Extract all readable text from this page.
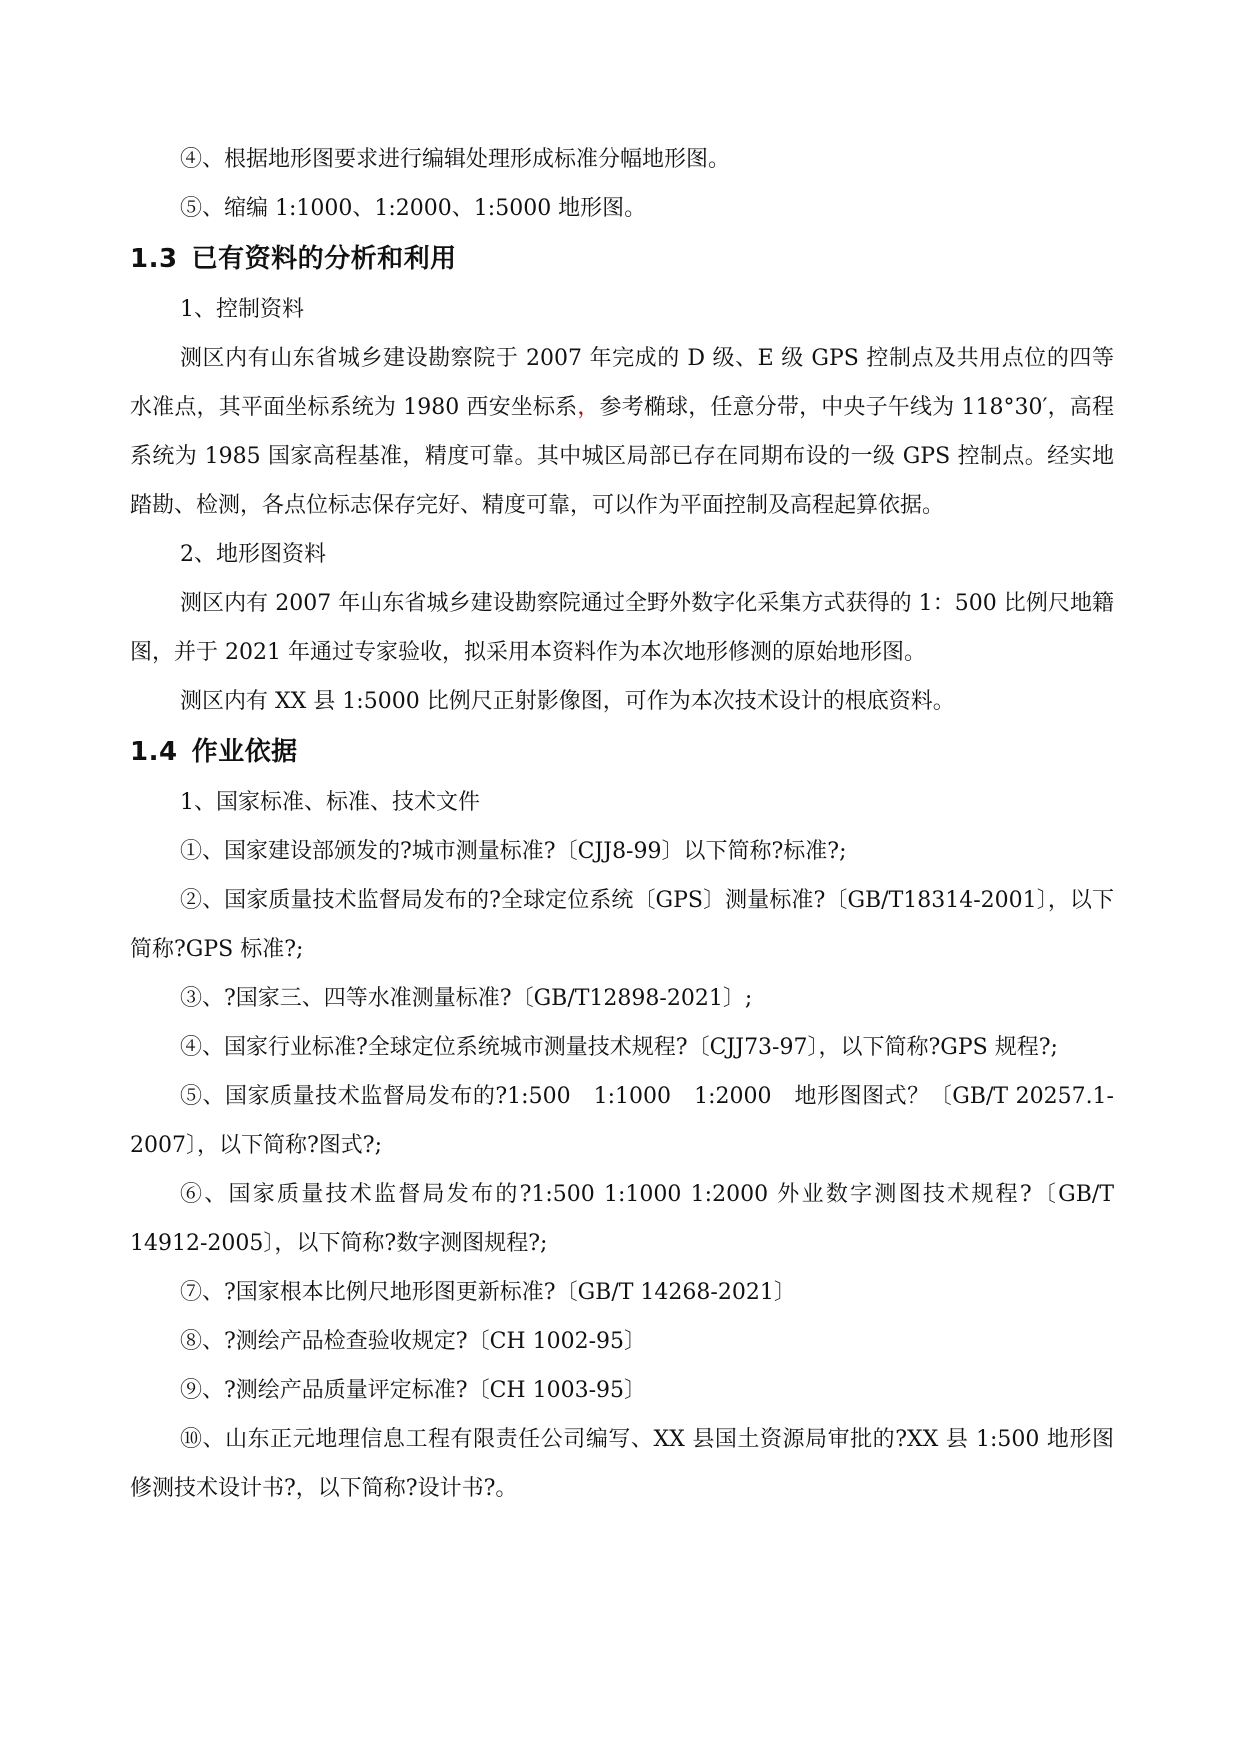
④、根据地形图要求进行编辑处理形成标准分幅地形图。

⑤、缩编 1:1000、1:2000、1:5000 地形图。

1.3 已有资料的分析和利用

1、控制资料

测区内有山东省城乡建设勘察院于 2007 年完成的 D 级、E 级 GPS 控制点及共用点位的四等水准点，其平面坐标系统为 1980 西安坐标系，参考椭球，任意分带，中央子午线为 118°30′，高程系统为 1985 国家高程基准，精度可靠。其中城区局部已存在同期布设的一级 GPS 控制点。经实地踏勘、检测，各点位标志保存完好、精度可靠，可以作为平面控制及高程起算依据。

2、地形图资料

测区内有 2007 年山东省城乡建设勘察院通过全野外数字化采集方式获得的 1：500 比例尺地籍图，并于 2021 年通过专家验收，拟采用本资料作为本次地形修测的原始地形图。

测区内有 XX 县 1:5000 比例尺正射影像图，可作为本次技术设计的根底资料。

1.4 作业依据

1、国家标准、标准、技术文件

①、国家建设部颁发的?城市测量标准?〔CJJ8-99〕以下简称?标准?;

②、国家质量技术监督局发布的?全球定位系统〔GPS〕测量标准?〔GB/T18314-2001〕，以下简称?GPS 标准?;

③、?国家三、四等水准测量标准?〔GB/T12898-2021〕;

④、国家行业标准?全球定位系统城市测量技术规程?〔CJJ73-97〕，以下简称?GPS 规程?;

⑤、国家质量技术监督局发布的?1:500　1:1000　1:2000　地形图图式？〔GB/T 20257.1-2007〕，以下简称?图式?;

⑥、国家质量技术监督局发布的?1:500 1:1000 1:2000 外业数字测图技术规程?〔GB/T 14912-2005〕，以下简称?数字测图规程?;

⑦、?国家根本比例尺地形图更新标准?〔GB/T 14268-2021〕

⑧、?测绘产品检查验收规定?〔CH 1002-95〕

⑨、?测绘产品质量评定标准?〔CH 1003-95〕

⑩、山东正元地理信息工程有限责任公司编写、XX 县国土资源局审批的?XX 县 1:500 地形图修测技术设计书?，以下简称?设计书?。
